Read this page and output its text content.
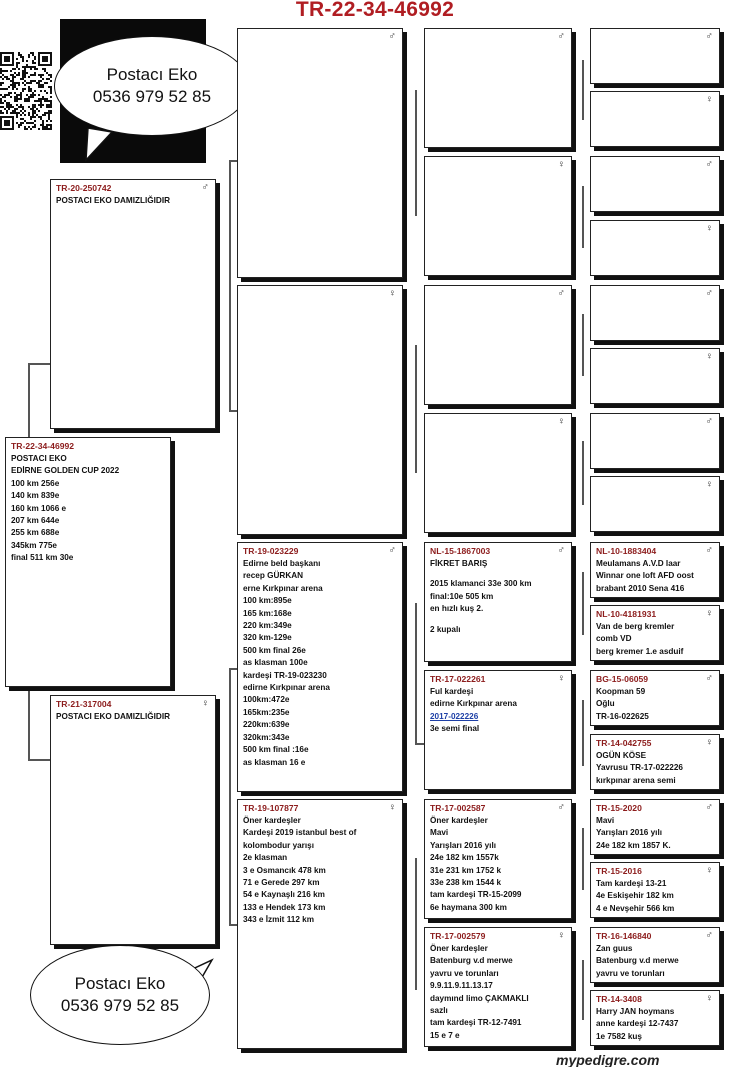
TR-22-34-46992
Postacı Eko
0536 979 52 85
TR-22-34-46992
POSTACI EKO
EDİRNE GOLDEN CUP 2022
100 km 256e
140 km 839e
160 km 1066 e
207 km 644e
255 km 688e
345km 775e
final 511 km 30e
TR-20-250742	♂
POSTACI EKO DAMIZLIĞIDIR
TR-21-317004	♀
POSTACI EKO DAMIZLIĞIDIR
♂
♀
TR-19-023229	♂
Edirne beld başkanı
recep GÜRKAN
erne Kırkpınar arena
100 km:895e
165 km:168e
220 km:349e
320 km-129e
500 km final 26e
as klasman 100e
kardeşi TR-19-023230
edirne Kırkpınar arena
100km:472e
165km:235e
220km:639e
320km:343e
500 km final :16e
as klasman 16 e
TR-19-107877	♀
Öner kardeşler
Kardeşi 2019 istanbul best of
kolombodur yarışı
2e klasman
3 e Osmancık 478 km
71 e Gerede 297 km
54 e Kaynaşlı 216 km
133 e Hendek 173 km
343 e İzmit 112 km
♂
♀
♂
♀
NL-15-1867003	♂
FİKRET BARIŞ
2015 klamanci 33e 300 km
final:10e 505 km
en hızlı kuş 2.
2 kupalı
TR-17-022261	♀
Ful kardeşi
edirne Kırkpınar arena
2017-022226
3e semi final
TR-17-002587	♂
Öner kardeşler
Mavi
Yarışları 2016 yılı
24e 182 km 1557k
31e 231 km 1752 k
33e 238 km 1544 k
tam kardeşi TR-15-2099
6e haymana 300 km
TR-17-002579	♀
Öner kardeşler
Batenburg v.d merwe
yavru ve torunları
9.9.11.9.11.13.17
daymınd limo ÇAKMAKLI
sazlı
tam kardeşi TR-12-7491
15 e 7 e
♂
♀
♂
♀
♂
♀
♂
♀
NL-10-1883404	♂
Meulamans A.V.D laar
Winnar one loft AFD oost
brabant 2010 Sena 416
NL-10-4181931	♀
Van de berg kremler
comb VD
berg kremer 1.e asduif
BG-15-06059	♂
Koopman 59
Oğlu
TR-16-022625
TR-14-042755	♀
OGÜN KÖSE
Yavrusu TR-17-022226
kırkpınar arena semi
TR-15-2020	♂
Mavi
Yarışları 2016 yılı
24e 182 km 1857 K.
TR-15-2016	♀
Tam kardeşi 13-21
4e Eskişehir 182 km
4 e Nevşehir 566 km
TR-16-146840	♂
Zan guus
Batenburg v.d merwe
yavru ve torunları
TR-14-3408	♀
Harry JAN hoymans
anne kardeşi 12-7437
1e 7582 kuş
Postacı Eko
0536 979 52 85
mypedigre.com
